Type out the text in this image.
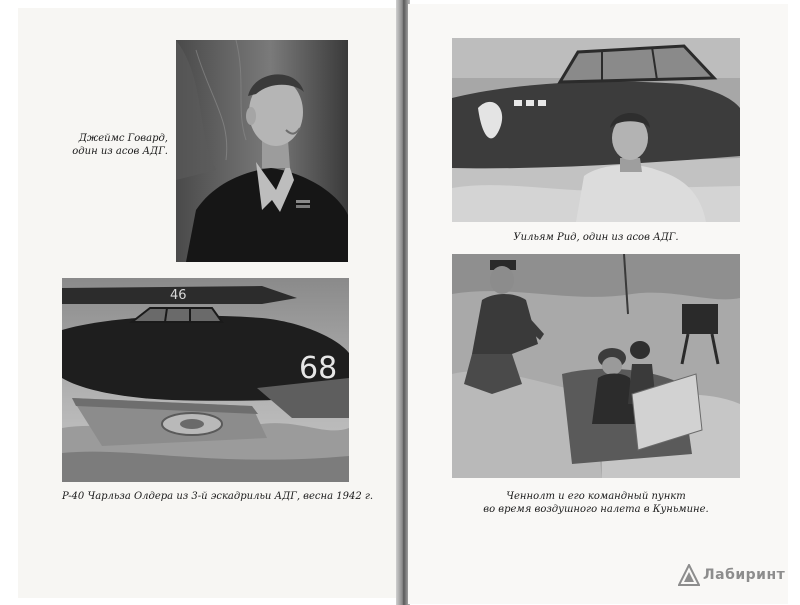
Джеймс Говард,
один из асов АДГ.
68
46
P-40 Чарльза Олдера из 3-й эскадрильи АДГ, весна 1942 г.
Уильям Рид, один из асов АДГ.
Ченнолт и его командный пункт
во время воздушного налета в Куньмине.
Лабиринт
